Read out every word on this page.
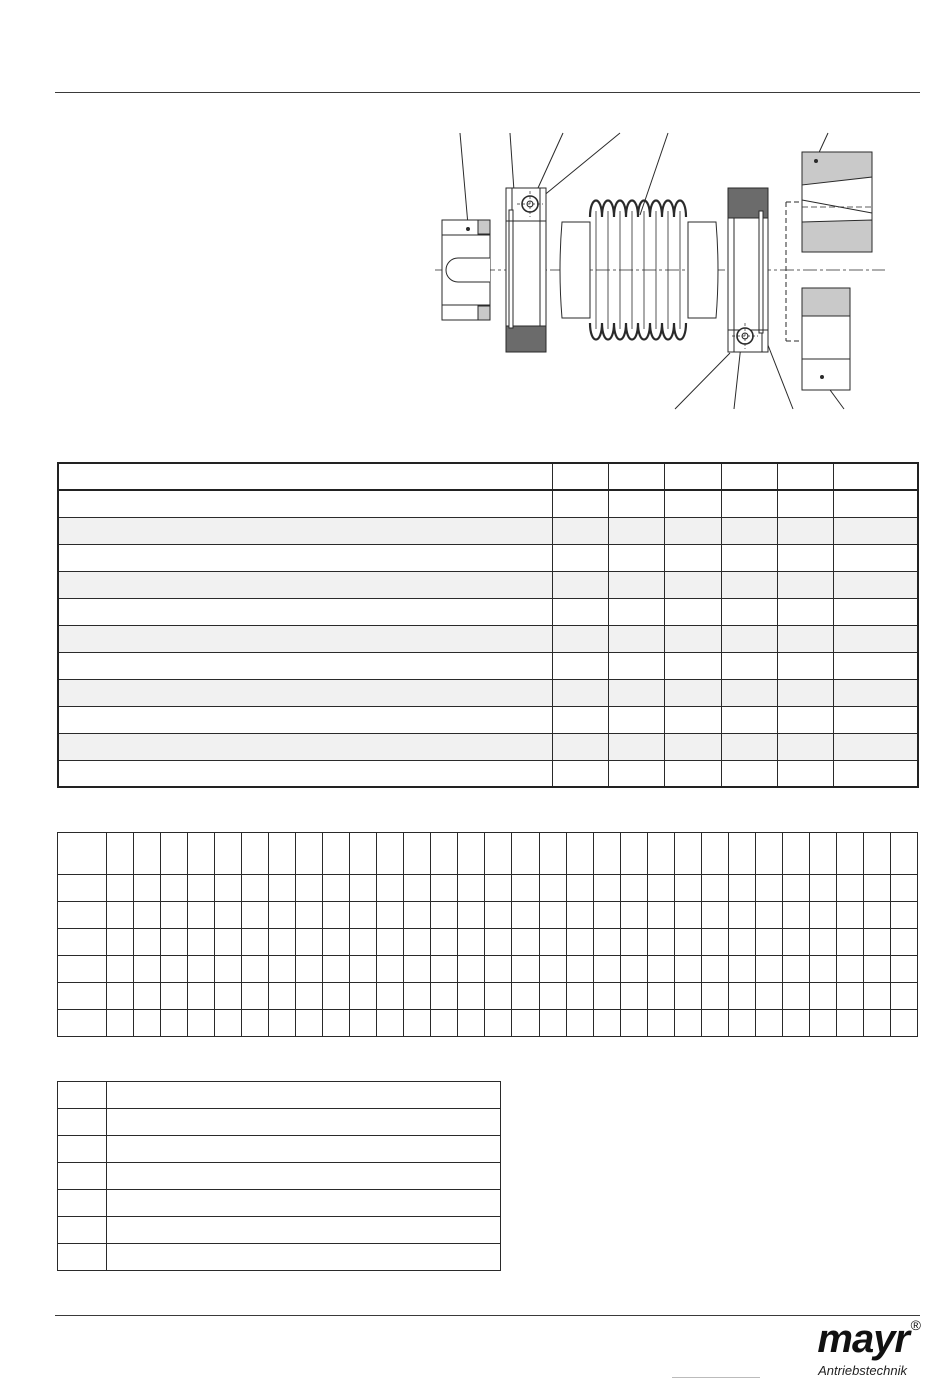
mayr ®
Antriebstechnik
